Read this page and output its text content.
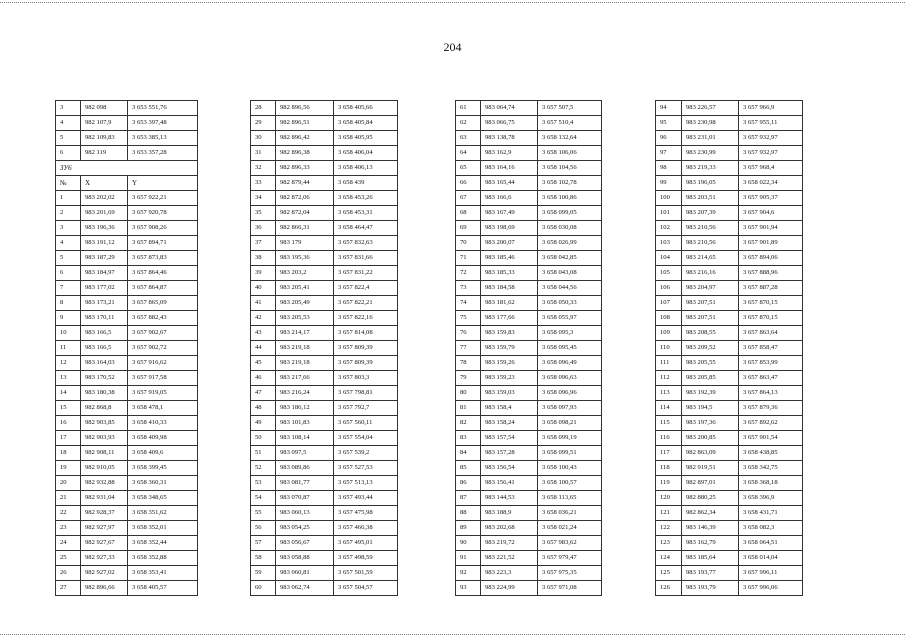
204
3	982 098	3 653 551,76
4	982 107,9	3 653 397,48
5	982 109,83	3 653 385,13
6	982 119	3 653 357,28
ЗУ6		
№	X	Y
1	983 202,02	3 657 922,21
2	983 201,69	3 657 920,78
3	983 196,36	3 657 908,26
4	983 191,12	3 657 894,71
5	983 187,29	3 657 873,83
6	983 184,97	3 657 864,46
7	983 177,02	3 657 864,87
8	983 173,21	3 657 865,09
9	983 170,11	3 657 882,43
10	983 166,5	3 657 902,67
11	983 166,5	3 657 902,72
12	983 164,03	3 657 916,62
13	983 170,52	3 657 917,58
14	983 180,38	3 657 919,05
15	982 868,8	3 658 478,1
16	982 903,85	3 658 410,33
17	982 903,93	3 658 409,98
18	982 908,11	3 658 409,6
19	982 910,05	3 658 399,45
20	982 932,88	3 658 360,31
21	982 931,04	3 658 348,65
22	982 928,37	3 658 351,62
23	982 927,97	3 658 352,01
24	982 927,67	3 658 352,44
25	982 927,33	3 658 352,88
26	982 927,02	3 658 353,41
27	982 896,66	3 658 405,57
28	982 896,56	3 658 405,66
29	982 896,51	3 658 405,84
30	982 896,42	3 658 405,95
31	982 896,38	3 658 406,04
32	982 896,33	3 658 406,13
33	982 879,44	3 658 439
34	982 872,06	3 658 453,26
35	982 872,04	3 658 453,31
36	982 866,31	3 658 464,47
37	983 179	3 657 832,63
38	983 195,36	3 657 831,66
39	983 203,2	3 657 831,22
40	983 205,41	3 657 822,4
41	983 205,49	3 657 822,21
42	983 205,53	3 657 822,16
43	983 214,17	3 657 814,08
44	983 219,18	3 657 809,39
45	983 219,18	3 657 809,39
46	983 217,66	3 657 803,3
47	983 216,24	3 657 798,81
48	983 186,12	3 657 792,7
49	983 101,83	3 657 560,11
50	983 108,14	3 657 554,04
51	983 097,5	3 657 539,2
52	983 089,86	3 657 527,53
53	983 081,77	3 657 513,13
54	983 070,87	3 657 493,44
55	983 060,13	3 657 475,98
56	983 054,25	3 657 466,38
57	983 056,67	3 657 495,01
58	983 058,88	3 657 498,59
59	983 060,81	3 657 501,59
60	983 062,74	3 657 504,57
61	983 064,74	3 657 507,5
62	983 066,75	3 657 510,4
63	983 138,78	3 658 132,64
64	983 162,9	3 658 106,06
65	983 164,16	3 658 104,56
66	983 165,44	3 658 102,78
67	983 166,6	3 658 100,86
68	983 167,49	3 658 099,05
69	983 198,69	3 658 030,08
70	983 200,07	3 658 026,99
71	983 185,46	3 658 042,85
72	983 185,33	3 658 043,08
73	983 184,58	3 658 044,56
74	983 181,62	3 658 050,33
75	983 177,66	3 658 055,97
76	983 159,83	3 658 095,3
77	983 159,79	3 658 095,45
78	983 159,26	3 658 096,49
79	983 159,23	3 658 096,63
80	983 159,03	3 658 096,96
81	983 158,4	3 658 097,93
82	983 158,24	3 658 098,21
83	983 157,54	3 658 099,19
84	983 157,28	3 658 099,51
85	983 156,54	3 658 100,43
86	983 156,41	3 658 100,57
87	983 144,53	3 658 113,65
88	983 188,9	3 658 036,21
89	983 202,68	3 658 021,24
90	983 219,72	3 657 983,62
91	983 221,52	3 657 979,47
92	983 223,3	3 657 975,35
93	983 224,99	3 657 971,08
94	983 226,57	3 657 966,9
95	983 230,98	3 657 955,11
96	983 231,01	3 657 932,97
97	983 230,99	3 657 932,97
98	983 219,33	3 657 968,4
99	983 196,05	3 658 022,34
100	983 203,51	3 657 905,37
101	983 207,39	3 657 904,6
102	983 210,56	3 657 901,94
103	983 210,56	3 657 901,89
104	983 214,65	3 657 894,06
105	983 216,16	3 657 888,96
106	983 204,97	3 657 887,28
107	983 207,51	3 657 870,15
108	983 207,51	3 657 870,15
109	983 208,55	3 657 863,64
110	983 209,52	3 657 858,47
111	983 205,55	3 657 853,99
112	983 205,85	3 657 863,47
113	983 192,39	3 657 864,13
114	983 194,5	3 657 879,36
115	983 197,36	3 657 892,62
116	983 200,85	3 657 901,54
117	982 863,09	3 658 438,85
118	982 919,51	3 658 342,75
119	982 897,01	3 658 368,18
120	982 880,25	3 658 396,9
121	982 862,34	3 658 431,71
122	983 146,39	3 658 082,3
123	983 162,79	3 658 064,51
124	983 185,64	3 658 014,04
125	983 193,77	3 657 996,11
126	983 193,79	3 657 996,06
